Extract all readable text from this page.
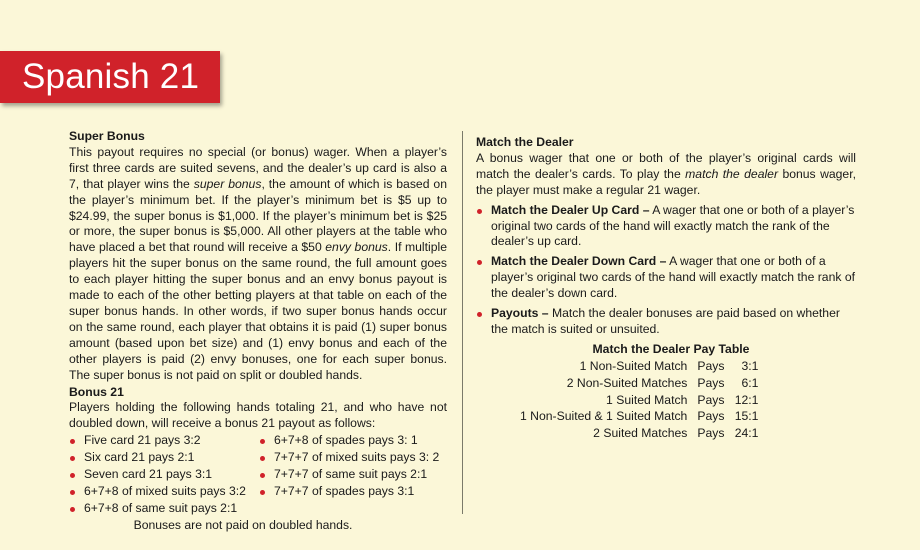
Spanish 21
Super Bonus

This payout requires no special (or bonus) wager. When a player’s first three cards are suited sevens, and the dealer’s up card is also a 7, that player wins the super bonus, the amount of which is based on the player’s minimum bet. If the player’s minimum bet is $5 up to $24.99, the super bonus is $1,000. If the player’s minimum bet is $25 or more, the super bonus is $5,000. All other players at the table who have placed a bet that round will receive a $50 envy bonus. If multiple players hit the super bonus on the same round, the full amount goes to each player hitting the super bonus and an envy bonus payout is made to each of the other betting players at that table on each of the super bonus hands. In other words, if two super bonus hands occur on the same round, each player that obtains it is paid (1) super bonus amount (based upon bet size) and (1) envy bonus and each of the other players is paid (2) envy bonuses, one for each super bonus. The super bonus is not paid on split or doubled hands.

Bonus 21

Players holding the following hands totaling 21, and who have not doubled down, will receive a bonus 21 payout as follows:

Five card 21 pays 3:2
Six card 21 pays 2:1
Seven card 21 pays 3:1
6+7+8 of mixed suits pays 3:2
6+7+8 of same suit pays 2:1
6+7+8 of spades pays 3: 1
7+7+7 of mixed suits pays 3: 2
7+7+7 of same suit pays 2:1
7+7+7 of spades pays 3:1
Bonuses are not paid on doubled hands.
Match the Dealer

A bonus wager that one or both of the player’s original cards will match the dealer’s cards. To play the match the dealer bonus wager, the player must make a regular 21 wager.

Match the Dealer Up Card – A wager that one or both of a player’s original two cards of the hand will exactly match the rank of the dealer’s up card.
Match the Dealer Down Card – A wager that one or both of a player’s original two cards of the hand will exactly match the rank of the dealer’s down card.
Payouts – Match the dealer bonuses are paid based on whether the match is suited or unsuited.
Match the Dealer Pay Table
1 Non-Suited Match	Pays	3:1
2 Non-Suited Matches	Pays	6:1
1 Suited Match	Pays	12:1
1 Non-Suited & 1 Suited Match	Pays	15:1
2 Suited Matches	Pays	24:1
